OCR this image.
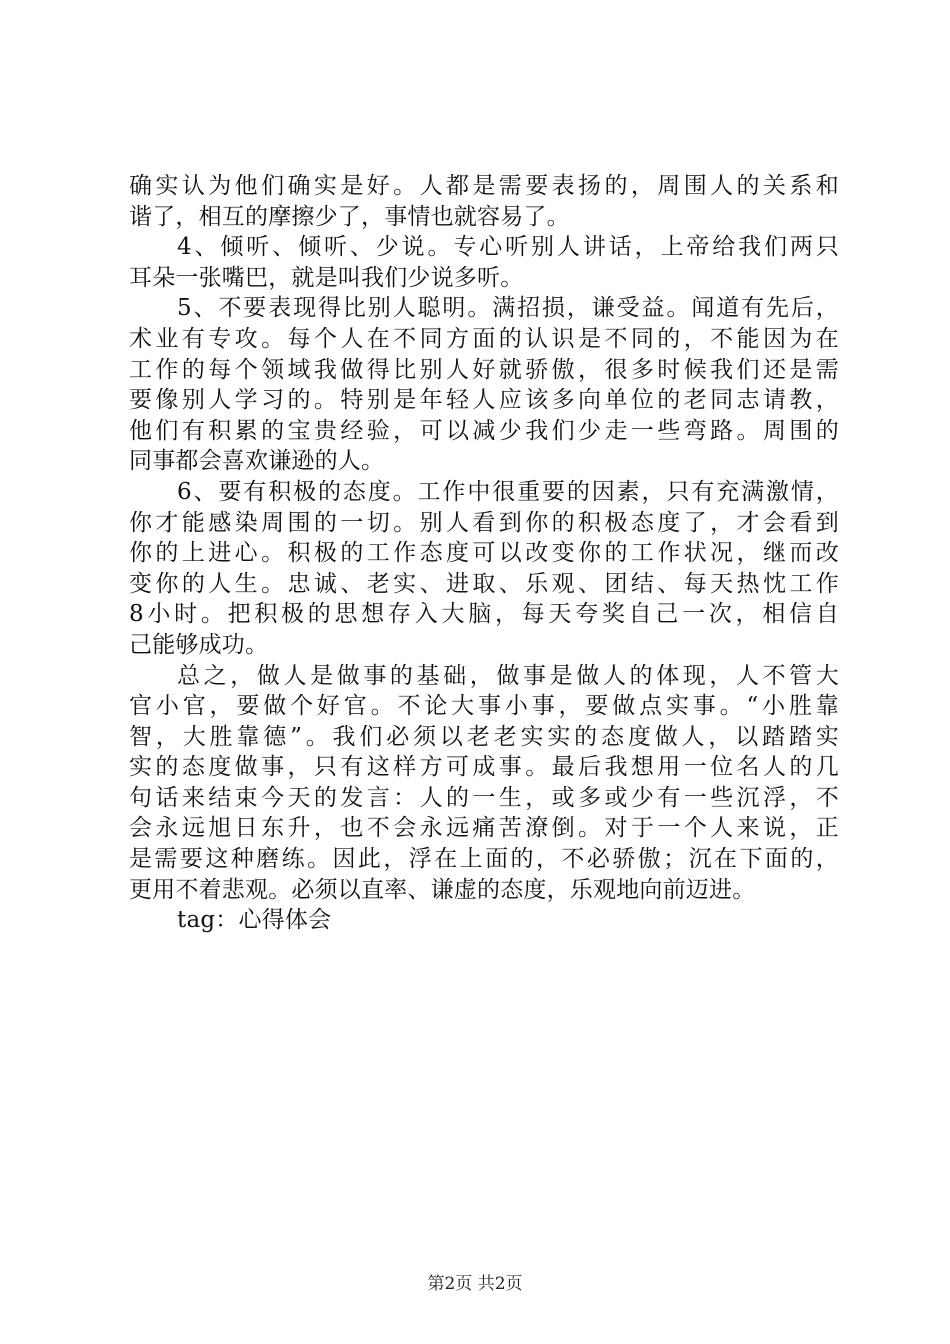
确实认为他们确实是好。人都是需要表扬的，周围人的关系和
谐了，相互的摩擦少了，事情也就容易了。
4、倾听、倾听、少说。专心听别人讲话，上帝给我们两只
耳朵一张嘴巴，就是叫我们少说多听。
5、不要表现得比别人聪明。满招损，谦受益。闻道有先后，
术业有专攻。每个人在不同方面的认识是不同的，不能因为在
工作的每个领域我做得比别人好就骄傲，很多时候我们还是需
要像别人学习的。特别是年轻人应该多向单位的老同志请教，
他们有积累的宝贵经验，可以减少我们少走一些弯路。周围的
同事都会喜欢谦逊的人。
6、要有积极的态度。工作中很重要的因素，只有充满激情，
你才能感染周围的一切。别人看到你的积极态度了，才会看到
你的上进心。积极的工作态度可以改变你的工作状况，继而改
变你的人生。忠诚、老实、进取、乐观、团结、每天热忱工作
8小时。把积极的思想存入大脑，每天夸奖自己一次，相信自
己能够成功。
总之，做人是做事的基础，做事是做人的体现，人不管大
官小官，要做个好官。不论大事小事，要做点实事。“小胜靠
智，大胜靠德”。我们必须以老老实实的态度做人，以踏踏实
实的态度做事，只有这样方可成事。最后我想用一位名人的几
句话来结束今天的发言：人的一生，或多或少有一些沉浮，不
会永远旭日东升，也不会永远痛苦潦倒。对于一个人来说，正
是需要这种磨练。因此，浮在上面的，不必骄傲；沉在下面的，
更用不着悲观。必须以直率、谦虚的态度，乐观地向前迈进。
tag：心得体会
第2页 共2页
